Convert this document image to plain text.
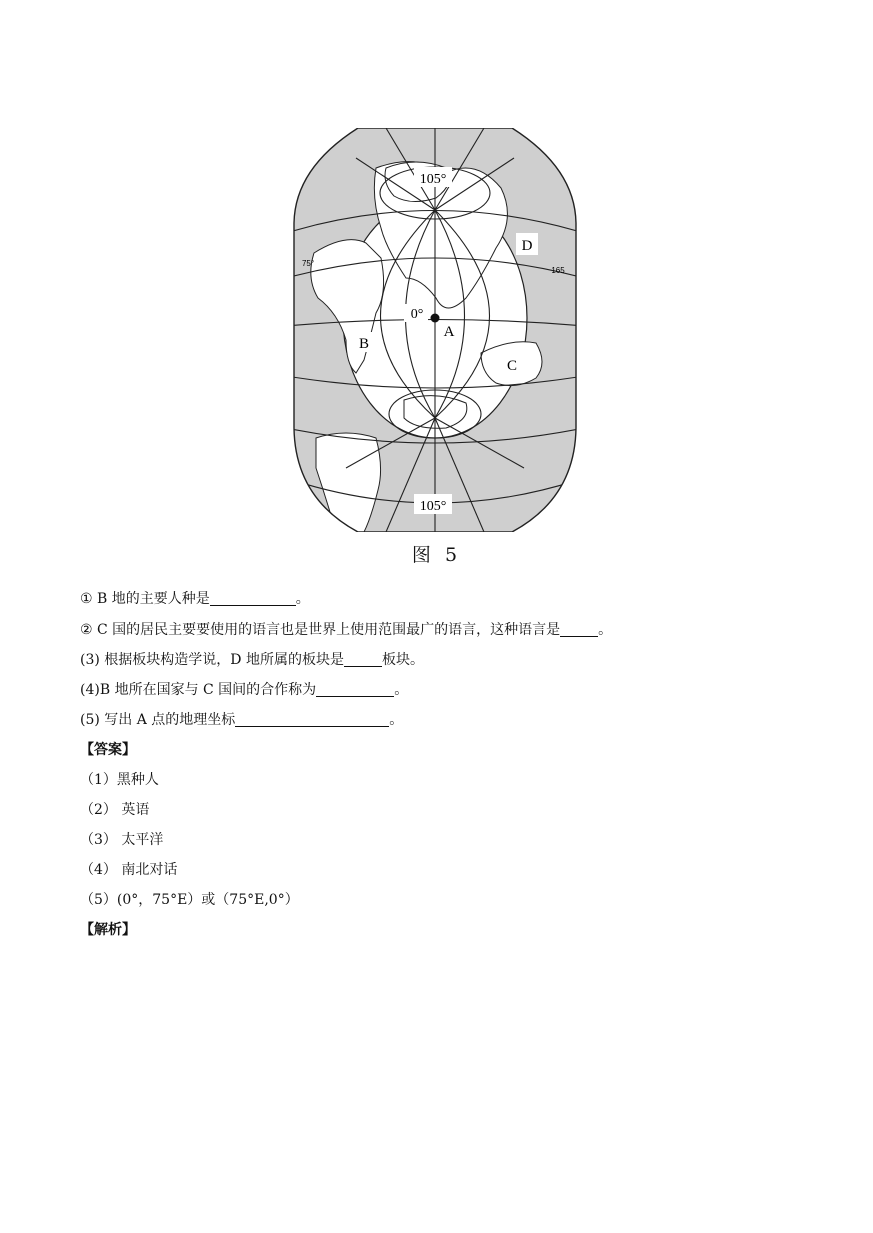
105°
105°
0°
A
B
C
D
75°
165
图 5
① B 地的主要人种是	。
② C 国的居民主要要使用的语言也是世界上使用范围最广的语言，这种语言是	。
(3) 根据板块构造学说，D 地所属的板块是	板块。
(4)B 地所在国家与 C 国间的合作称为	。
(5) 写出 A 点的地理坐标	。
【答案】
（1）黑种人
（2） 英语
（3） 太平洋
（4） 南北对话
（5）(0°，75°E）或（75°E,0°）
【解析】
